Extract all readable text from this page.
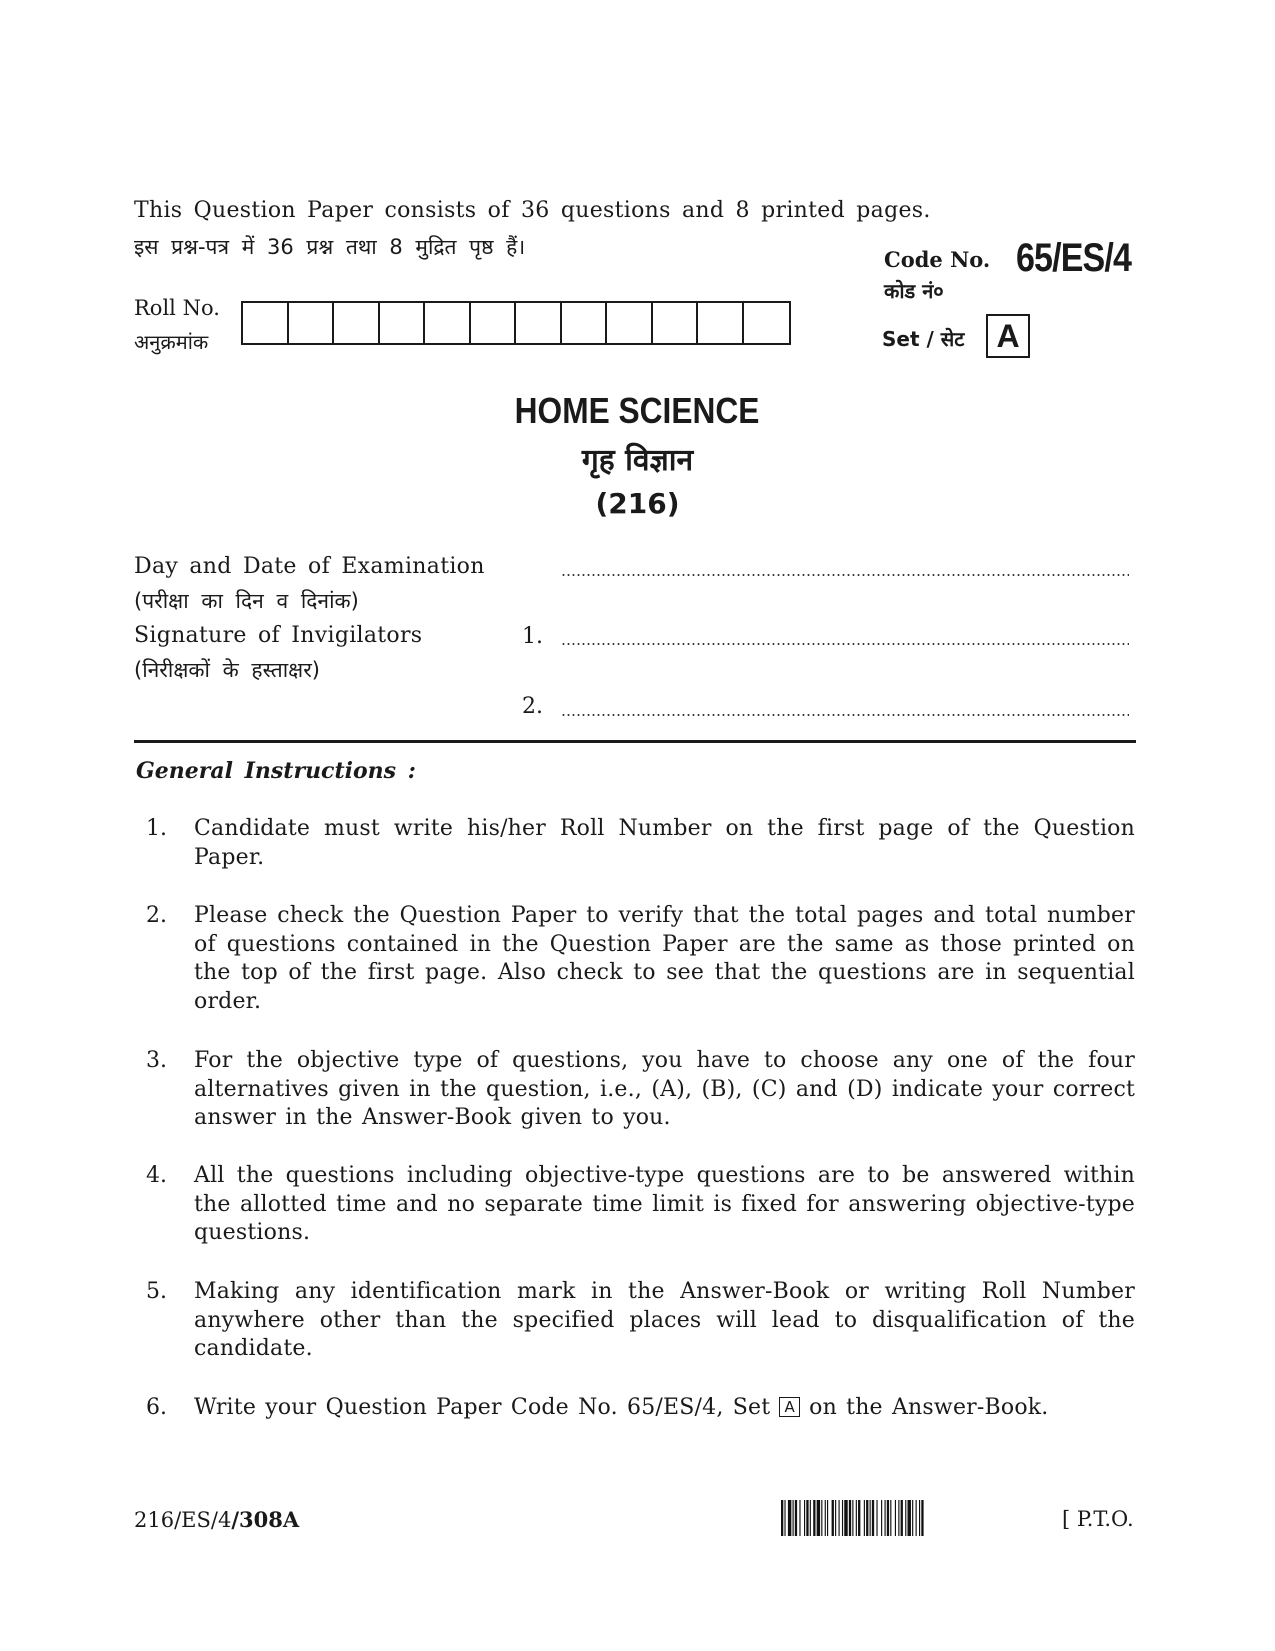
This Question Paper consists of 36 questions and 8 printed pages.
इस प्रश्न-पत्र में 36 प्रश्न तथा 8 मुद्रित पृष्ठ हैं।	Code No. 65/ES/4
कोड नं०
Set / सेट	A
Roll No.
अनुक्रमांक
HOME SCIENCE
गृह विज्ञान
(216)
Day and Date of Examination
(परीक्षा का दिन व दिनांक)
Signature of Invigilators
(निरीक्षकों के हस्ताक्षर)
1.
2.
General Instructions :
1.	Candidate must write his/her Roll Number on the first page of the Question Paper.
2.	Please check the Question Paper to verify that the total pages and total number of questions contained in the Question Paper are the same as those printed on the top of the first page. Also check to see that the questions are in sequential order.
3.	For the objective type of questions, you have to choose any one of the four alternatives given in the question, i.e., (A), (B), (C) and (D) indicate your correct answer in the Answer-Book given to you.
4.	All the questions including objective-type questions are to be answered within the allotted time and no separate time limit is fixed for answering objective-type questions.
5.	Making any identification mark in the Answer-Book or writing Roll Number anywhere other than the specified places will lead to disqualification of the candidate.
6.	Write your Question Paper Code No. 65/ES/4, Set A on the Answer-Book.
216/ES/4/308A	[ P.T.O.
